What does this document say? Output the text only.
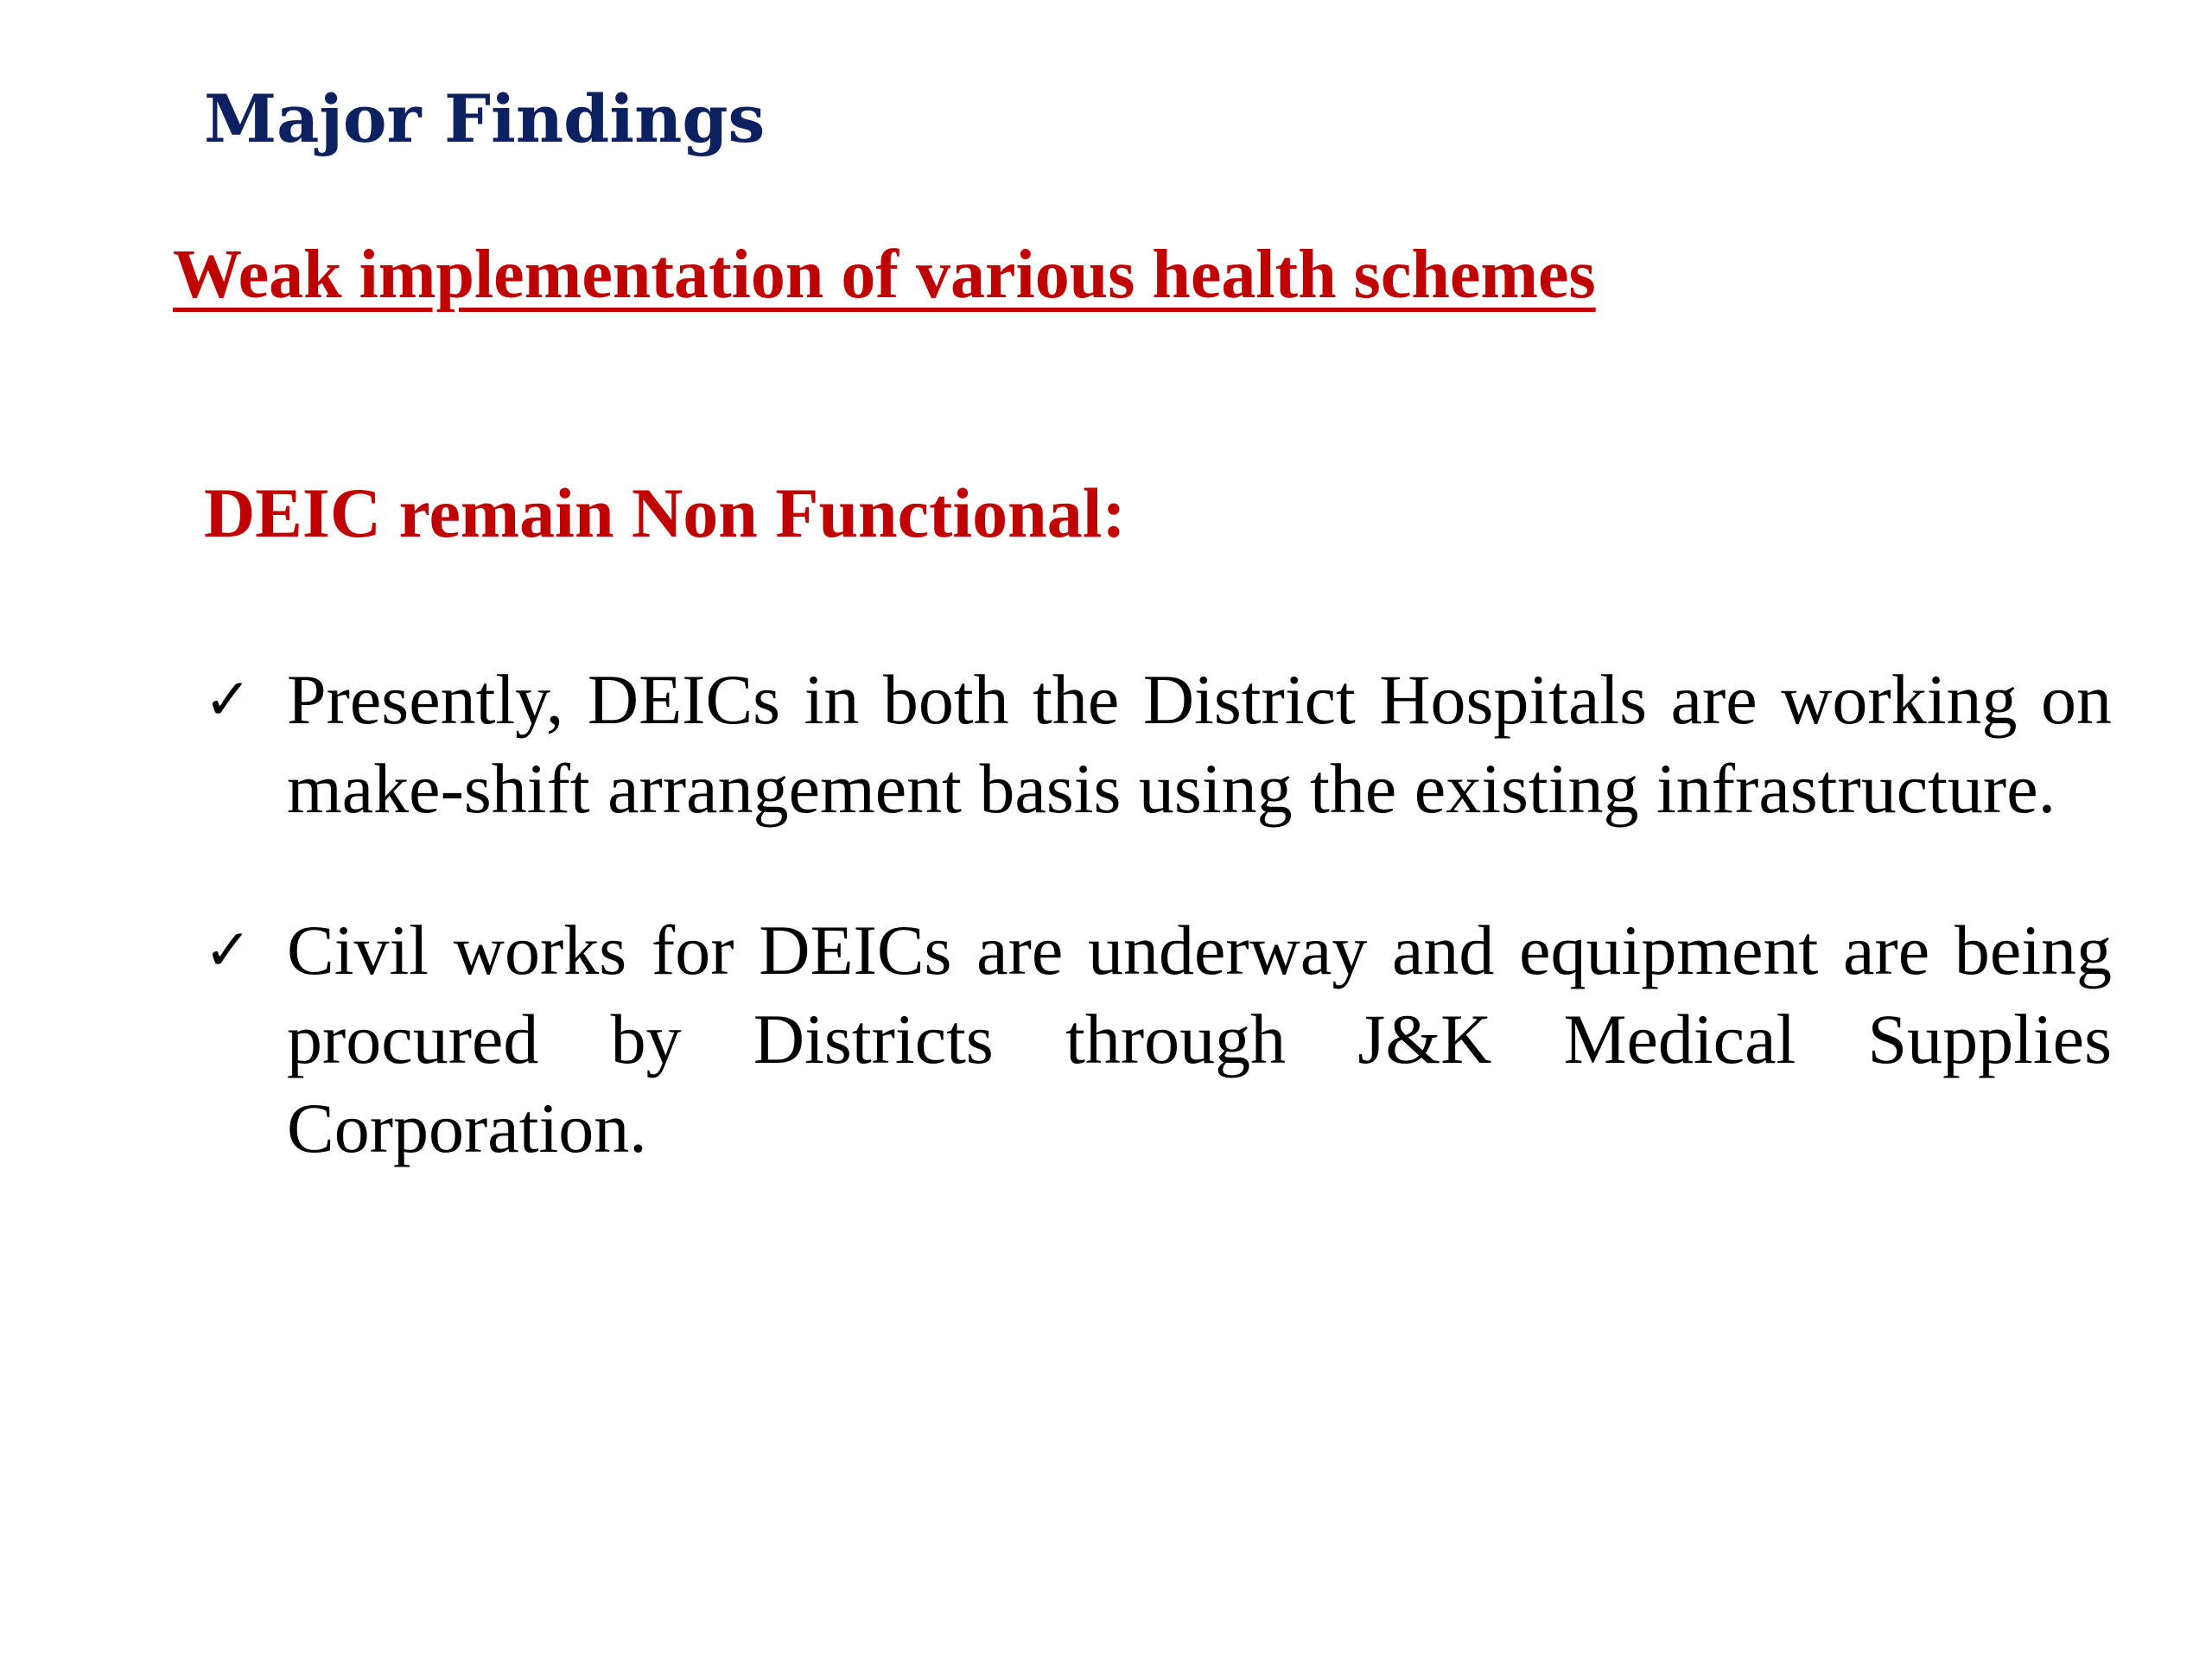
Major Findings
Weak implementation of various health schemes
DEIC remain Non Functional:
✓ Presently, DEICs in both the District Hospitals are working on make-shift arrangement basis using the existing infrastructure.
✓ Civil works for DEICs are underway and equipment are being procured by Districts through J&K Medical Supplies Corporation.
